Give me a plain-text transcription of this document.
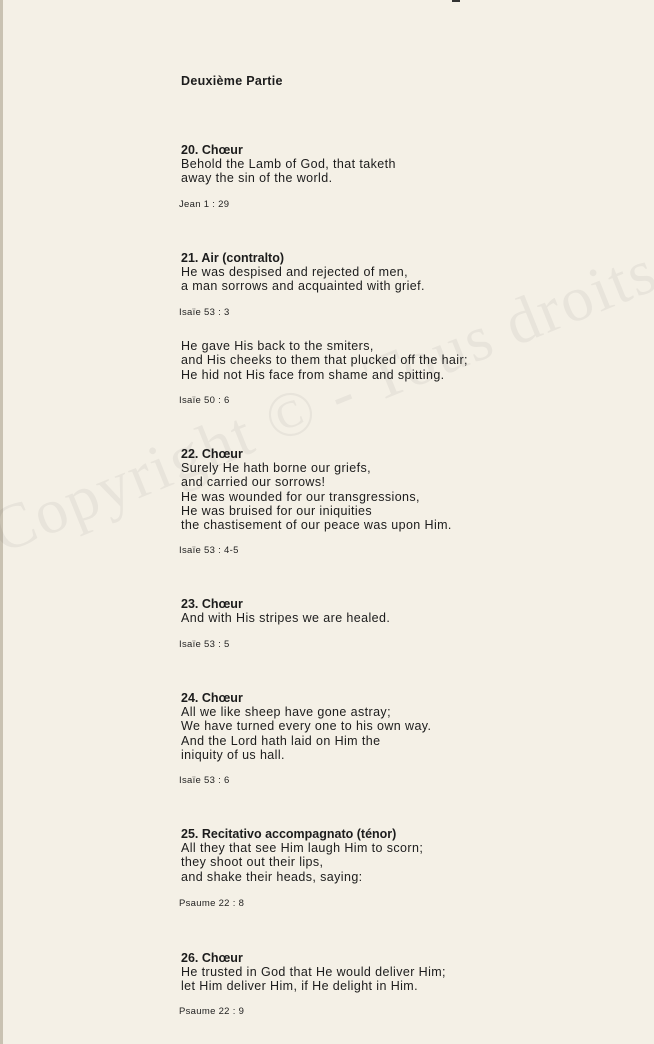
Deuxième Partie
20. Chœur
Behold the Lamb of God, that taketh
away the sin of the world.
Jean 1 : 29
21. Air (contralto)
He was despised and rejected of men,
a man sorrows and acquainted with grief.
Isaïe 53 : 3
He gave His back to the smiters,
and His cheeks to them that plucked off the hair;
He hid not His face from shame and spitting.
Isaïe 50 : 6
22. Chœur
Surely He hath borne our griefs,
and carried our sorrows!
He was wounded for our transgressions,
He was bruised for our iniquities
the chastisement of our peace was upon Him.
Isaïe 53 : 4-5
23. Chœur
And with His stripes we are healed.
Isaïe 53 : 5
24. Chœur
All we like sheep have gone astray;
We have turned every one to his own way.
And the Lord hath laid on Him the
iniquity of us hall.
Isaïe 53 : 6
25. Recitativo accompagnato (ténor)
All they that see Him laugh Him to scorn;
they shoot out their lips,
and shake their heads, saying:
Psaume 22 : 8
26. Chœur
He trusted in God that He would deliver Him;
let Him deliver Him, if He delight in Him.
Psaume 22 : 9
